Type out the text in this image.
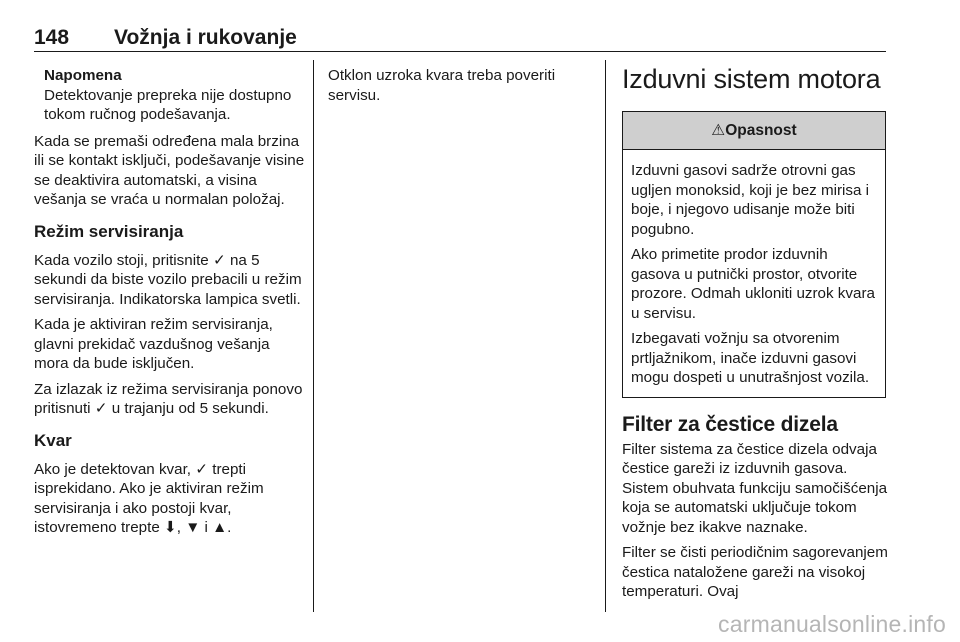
148 Vožnja i rukovanje
Napomena
Detektovanje prepreka nije dostupno tokom ručnog podešavanja.

Kada se premaši određena mala brzina ili se kontakt isključi, podešavanje visine se deaktivira automatski, a visina vešanja se vraća u normalan položaj.

Režim servisiranja

Kada vozilo stoji, pritisnite ✓ na 5 sekundi da biste vozilo prebacili u režim servisiranja. Indikatorska lampica svetli.

Kada je aktiviran režim servisiranja, glavni prekidač vazdušnog vešanja mora da bude isključen.

Za izlazak iz režima servisiranja ponovo pritisnuti ✓ u trajanju od 5 sekundi.

Kvar

Ako je detektovan kvar, ✓ trepti isprekidano. Ako je aktiviran režim servisiranja i ako postoji kvar, istovremeno trepte ⬇, ▼ i ▲.

Otklon uzroka kvara treba poveriti servisu.

Izduvni sistem motora
⚠Opasnost

Izduvni gasovi sadrže otrovni gas ugljen monoksid, koji je bez mirisa i boje, i njegovo udisanje može biti pogubno.

Ako primetite prodor izduvnih gasova u putnički prostor, otvorite prozore. Odmah ukloniti uzrok kvara u servisu.

Izbegavati vožnju sa otvorenim prtljažnikom, inače izduvni gasovi mogu dospeti u unutrašnjost vozila.

Filter za čestice dizela

Filter sistema za čestice dizela odvaja čestice gareži iz izduvnih gasova. Sistem obuhvata funkciju samočišćenja koja se automatski uključuje tokom vožnje bez ikakve naznake.

Filter se čisti periodičnim sagorevanjem čestica nataložene gareži na visokoj temperaturi. Ovaj

carmanualsonline.info
